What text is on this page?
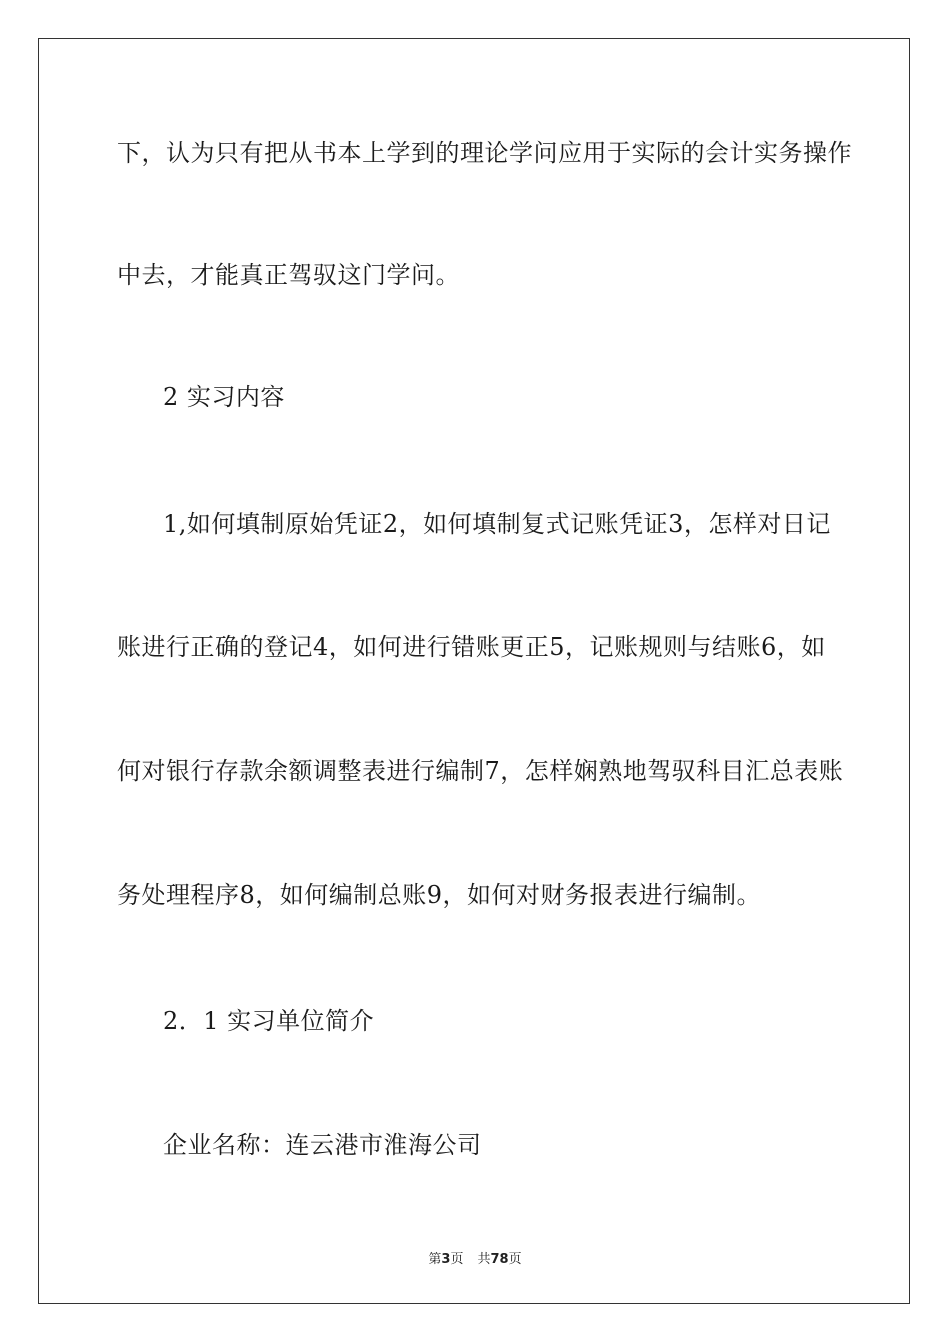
下，认为只有把从书本上学到的理论学问应用于实际的会计实务操作
中去，才能真正驾驭这门学问。
2 实习内容
1,如何填制原始凭证2，如何填制复式记账凭证3，怎样对日记
账进行正确的登记4，如何进行错账更正5，记账规则与结账6，如
何对银行存款余额调整表进行编制7，怎样娴熟地驾驭科目汇总表账
务处理程序8，如何编制总账9，如何对财务报表进行编制。
2．1 实习单位简介
企业名称：连云港市淮海公司
第3页 共78页
